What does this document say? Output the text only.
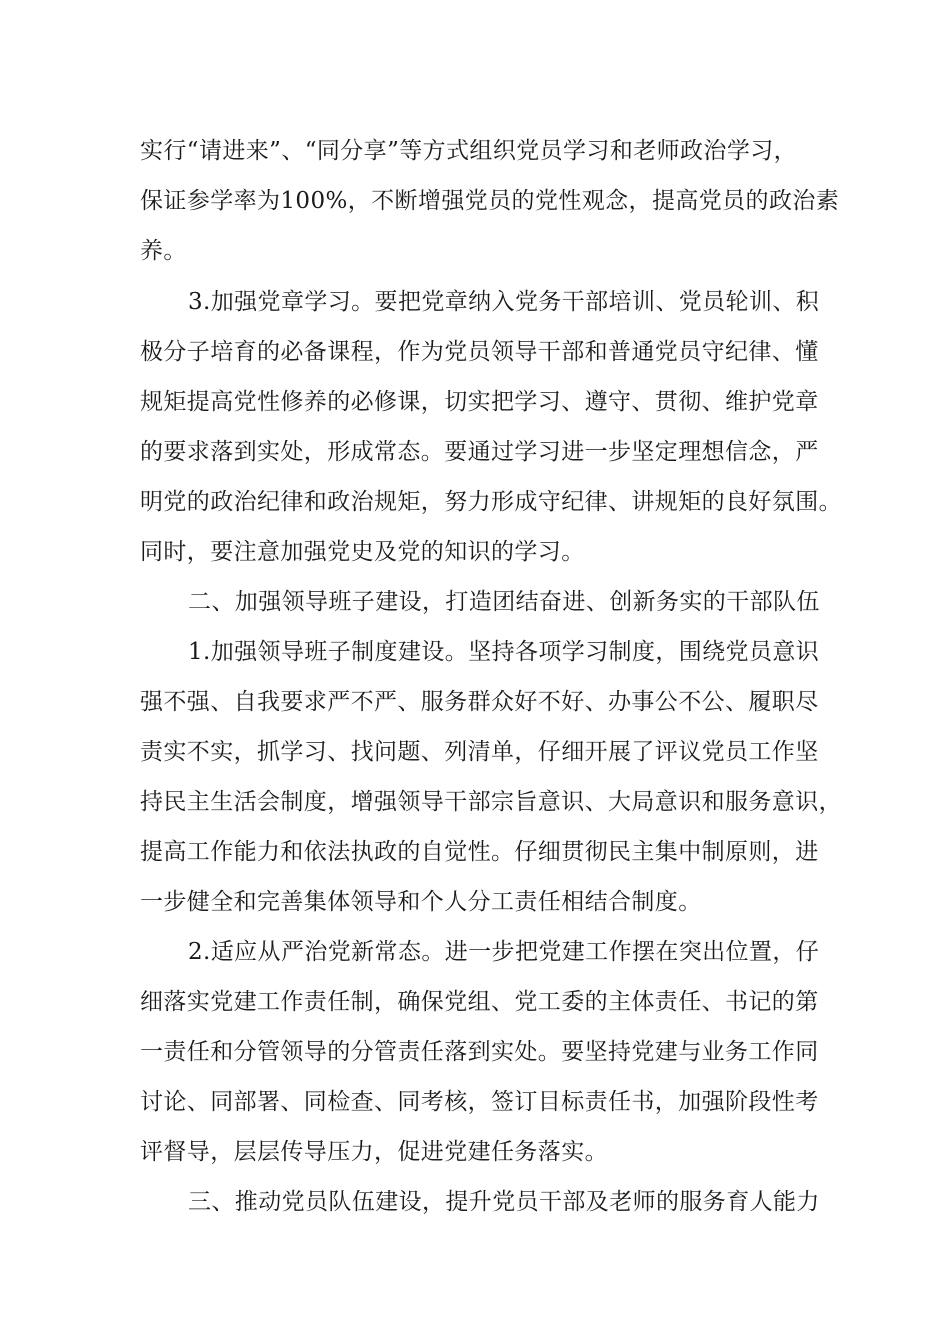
实行“请进来”、“同分享”等方式组织党员学习和老师政治学习，
保证参学率为100%，不断增强党员的党性观念，提高党员的政治素
养。
3.加强党章学习。要把党章纳入党务干部培训、党员轮训、积
极分子培育的必备课程，作为党员领导干部和普通党员守纪律、懂
规矩提高党性修养的必修课，切实把学习、遵守、贯彻、维护党章
的要求落到实处，形成常态。要通过学习进一步坚定理想信念，严
明党的政治纪律和政治规矩，努力形成守纪律、讲规矩的良好氛围。
同时，要注意加强党史及党的知识的学习。
二、加强领导班子建设，打造团结奋进、创新务实的干部队伍
1.加强领导班子制度建设。坚持各项学习制度，围绕党员意识
强不强、自我要求严不严、服务群众好不好、办事公不公、履职尽
责实不实，抓学习、找问题、列清单，仔细开展了评议党员工作坚
持民主生活会制度，增强领导干部宗旨意识、大局意识和服务意识，
提高工作能力和依法执政的自觉性。仔细贯彻民主集中制原则，进
一步健全和完善集体领导和个人分工责任相结合制度。
2.适应从严治党新常态。进一步把党建工作摆在突出位置，仔
细落实党建工作责任制，确保党组、党工委的主体责任、书记的第
一责任和分管领导的分管责任落到实处。要坚持党建与业务工作同
讨论、同部署、同检查、同考核，签订目标责任书，加强阶段性考
评督导，层层传导压力，促进党建任务落实。
三、推动党员队伍建设，提升党员干部及老师的服务育人能力
